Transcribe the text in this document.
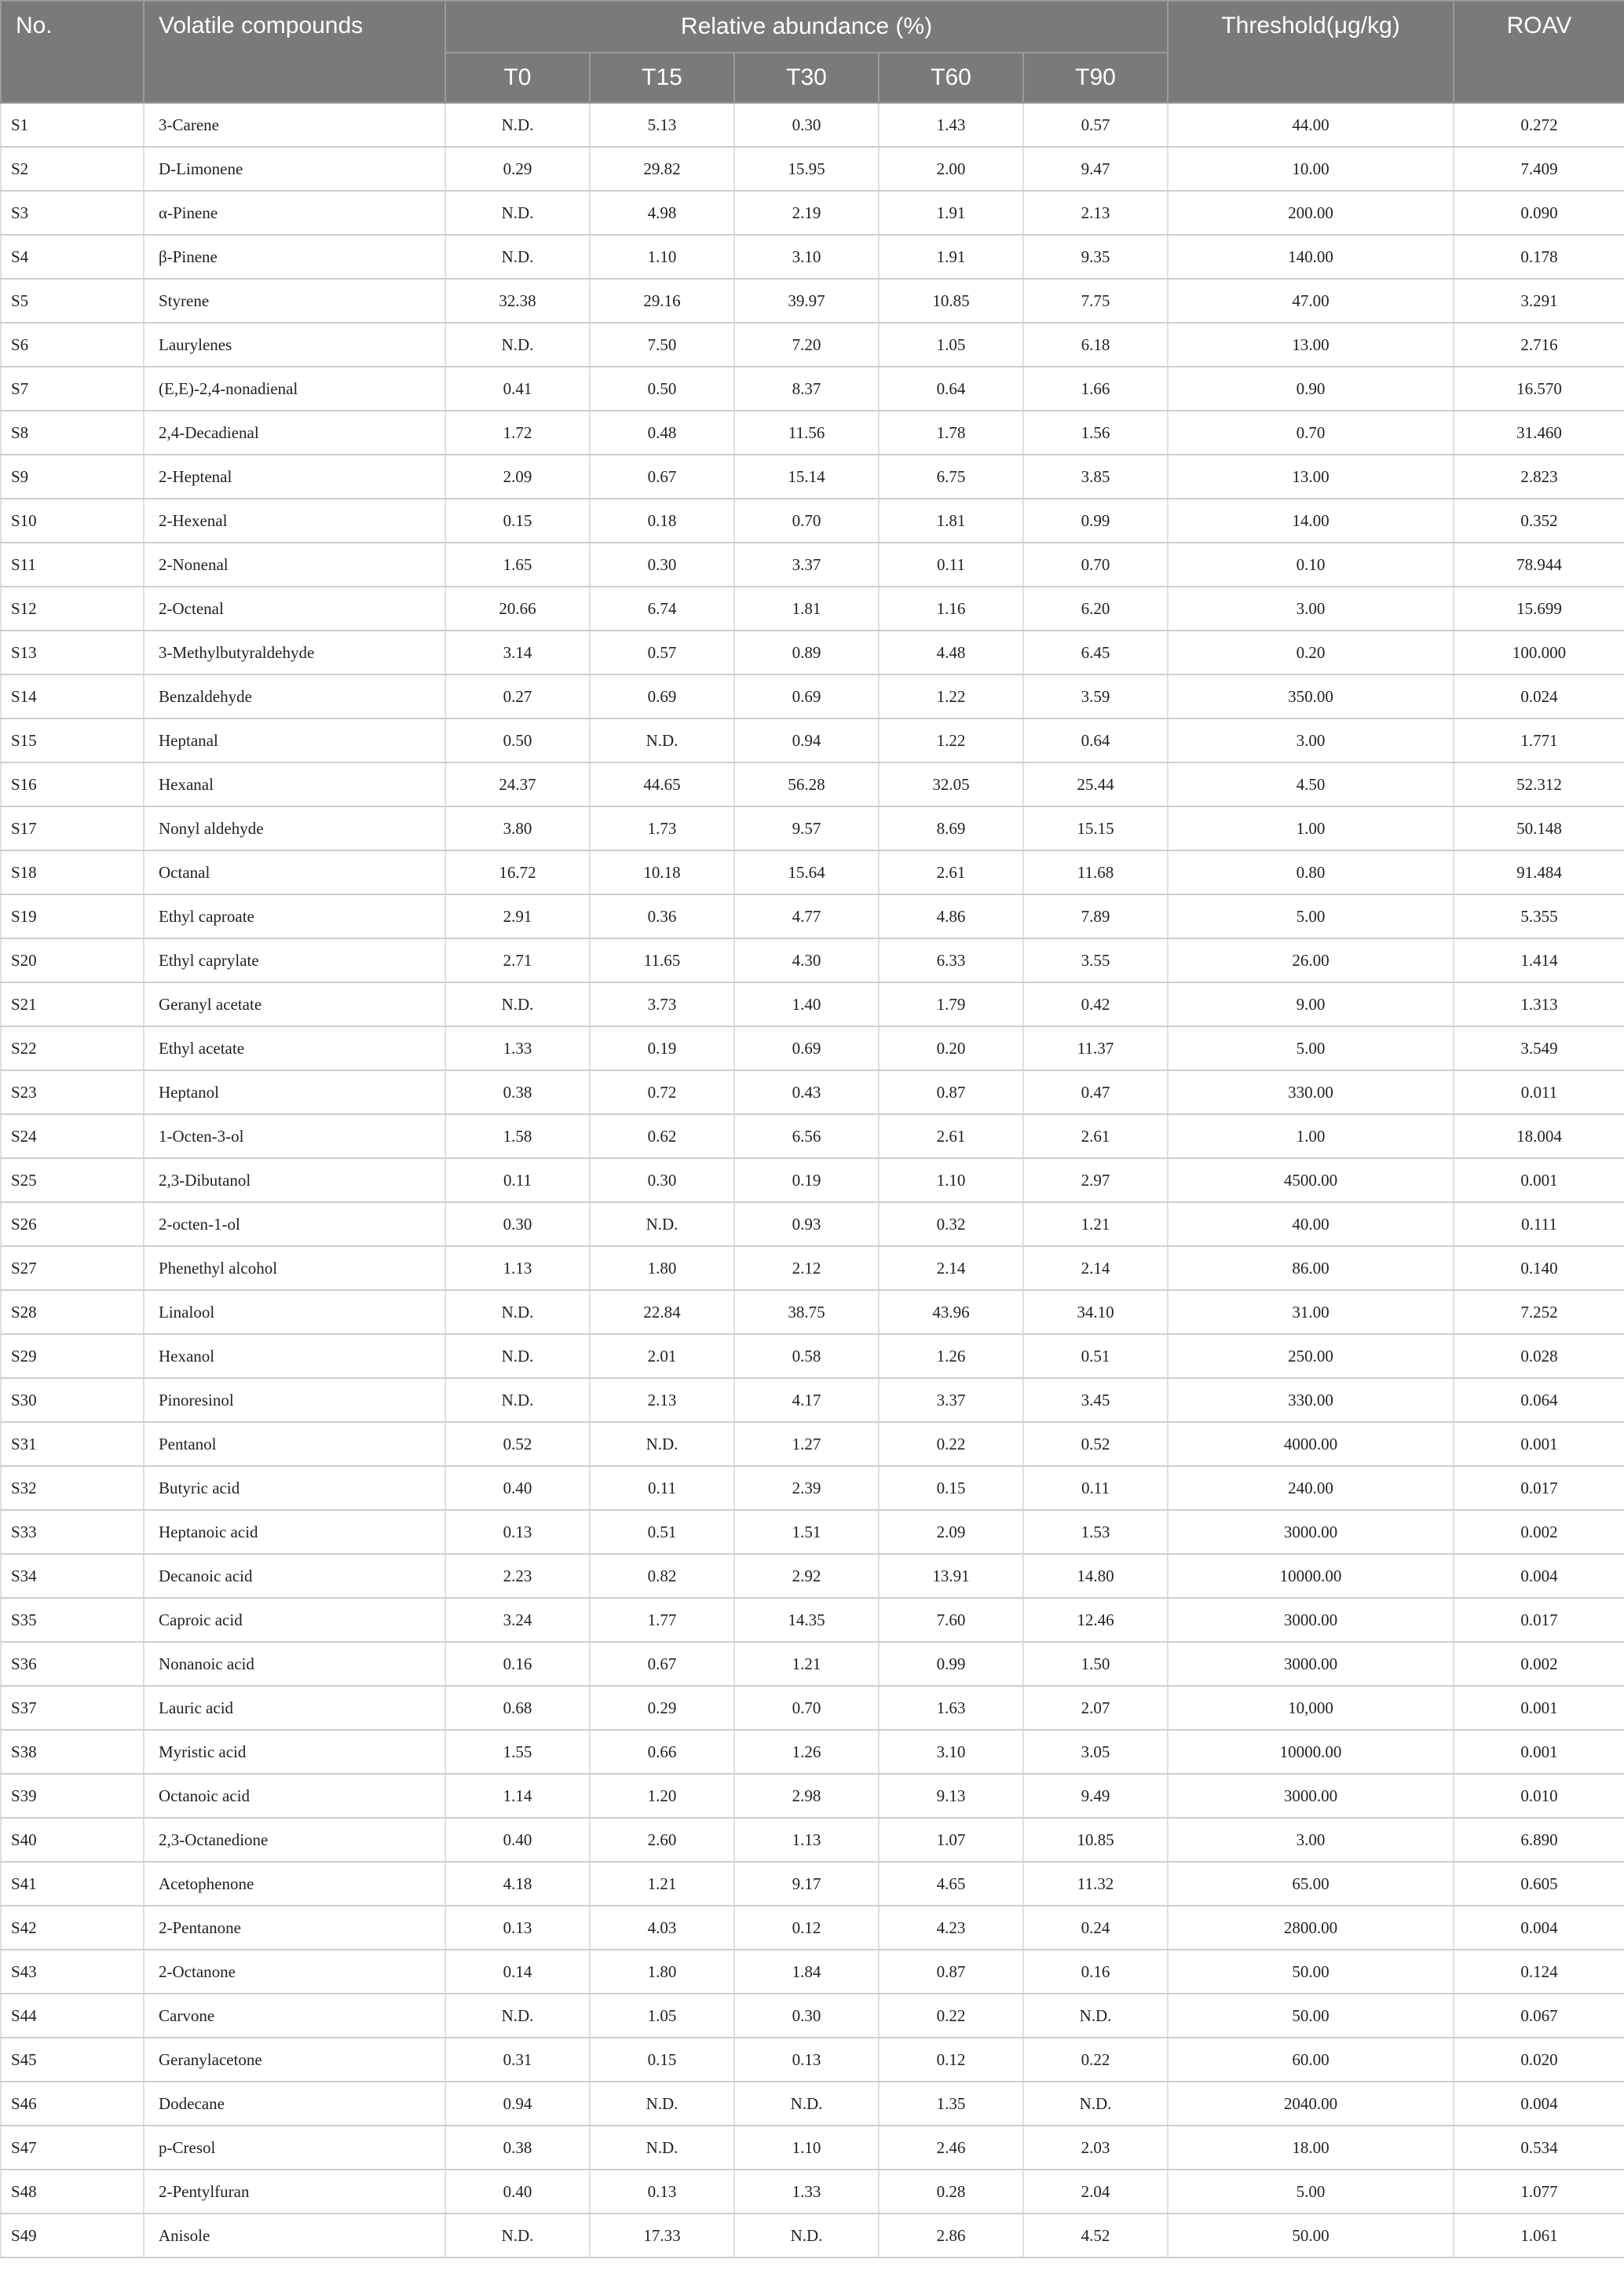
No.	Volatile compounds	Relative abundance (%)					Threshold(μg/kg)	ROAV
		T0	T15	T30	T60	T90		
S1	3-Carene	N.D.	5.13	0.30	1.43	0.57	44.00	0.272
S2	D-Limonene	0.29	29.82	15.95	2.00	9.47	10.00	7.409
S3	α-Pinene	N.D.	4.98	2.19	1.91	2.13	200.00	0.090
S4	β-Pinene	N.D.	1.10	3.10	1.91	9.35	140.00	0.178
S5	Styrene	32.38	29.16	39.97	10.85	7.75	47.00	3.291
S6	Laurylenes	N.D.	7.50	7.20	1.05	6.18	13.00	2.716
S7	(E,E)-2,4-nonadienal	0.41	0.50	8.37	0.64	1.66	0.90	16.570
S8	2,4-Decadienal	1.72	0.48	11.56	1.78	1.56	0.70	31.460
S9	2-Heptenal	2.09	0.67	15.14	6.75	3.85	13.00	2.823
S10	2-Hexenal	0.15	0.18	0.70	1.81	0.99	14.00	0.352
S11	2-Nonenal	1.65	0.30	3.37	0.11	0.70	0.10	78.944
S12	2-Octenal	20.66	6.74	1.81	1.16	6.20	3.00	15.699
S13	3-Methylbutyraldehyde	3.14	0.57	0.89	4.48	6.45	0.20	100.000
S14	Benzaldehyde	0.27	0.69	0.69	1.22	3.59	350.00	0.024
S15	Heptanal	0.50	N.D.	0.94	1.22	0.64	3.00	1.771
S16	Hexanal	24.37	44.65	56.28	32.05	25.44	4.50	52.312
S17	Nonyl aldehyde	3.80	1.73	9.57	8.69	15.15	1.00	50.148
S18	Octanal	16.72	10.18	15.64	2.61	11.68	0.80	91.484
S19	Ethyl caproate	2.91	0.36	4.77	4.86	7.89	5.00	5.355
S20	Ethyl caprylate	2.71	11.65	4.30	6.33	3.55	26.00	1.414
S21	Geranyl acetate	N.D.	3.73	1.40	1.79	0.42	9.00	1.313
S22	Ethyl acetate	1.33	0.19	0.69	0.20	11.37	5.00	3.549
S23	Heptanol	0.38	0.72	0.43	0.87	0.47	330.00	0.011
S24	1-Octen-3-ol	1.58	0.62	6.56	2.61	2.61	1.00	18.004
S25	2,3-Dibutanol	0.11	0.30	0.19	1.10	2.97	4500.00	0.001
S26	2-octen-1-ol	0.30	N.D.	0.93	0.32	1.21	40.00	0.111
S27	Phenethyl alcohol	1.13	1.80	2.12	2.14	2.14	86.00	0.140
S28	Linalool	N.D.	22.84	38.75	43.96	34.10	31.00	7.252
S29	Hexanol	N.D.	2.01	0.58	1.26	0.51	250.00	0.028
S30	Pinoresinol	N.D.	2.13	4.17	3.37	3.45	330.00	0.064
S31	Pentanol	0.52	N.D.	1.27	0.22	0.52	4000.00	0.001
S32	Butyric acid	0.40	0.11	2.39	0.15	0.11	240.00	0.017
S33	Heptanoic acid	0.13	0.51	1.51	2.09	1.53	3000.00	0.002
S34	Decanoic acid	2.23	0.82	2.92	13.91	14.80	10000.00	0.004
S35	Caproic acid	3.24	1.77	14.35	7.60	12.46	3000.00	0.017
S36	Nonanoic acid	0.16	0.67	1.21	0.99	1.50	3000.00	0.002
S37	Lauric acid	0.68	0.29	0.70	1.63	2.07	10,000	0.001
S38	Myristic acid	1.55	0.66	1.26	3.10	3.05	10000.00	0.001
S39	Octanoic acid	1.14	1.20	2.98	9.13	9.49	3000.00	0.010
S40	2,3-Octanedione	0.40	2.60	1.13	1.07	10.85	3.00	6.890
S41	Acetophenone	4.18	1.21	9.17	4.65	11.32	65.00	0.605
S42	2-Pentanone	0.13	4.03	0.12	4.23	0.24	2800.00	0.004
S43	2-Octanone	0.14	1.80	1.84	0.87	0.16	50.00	0.124
S44	Carvone	N.D.	1.05	0.30	0.22	N.D.	50.00	0.067
S45	Geranylacetone	0.31	0.15	0.13	0.12	0.22	60.00	0.020
S46	Dodecane	0.94	N.D.	N.D.	1.35	N.D.	2040.00	0.004
S47	p-Cresol	0.38	N.D.	1.10	2.46	2.03	18.00	0.534
S48	2-Pentylfuran	0.40	0.13	1.33	0.28	2.04	5.00	1.077
S49	Anisole	N.D.	17.33	N.D.	2.86	4.52	50.00	1.061
